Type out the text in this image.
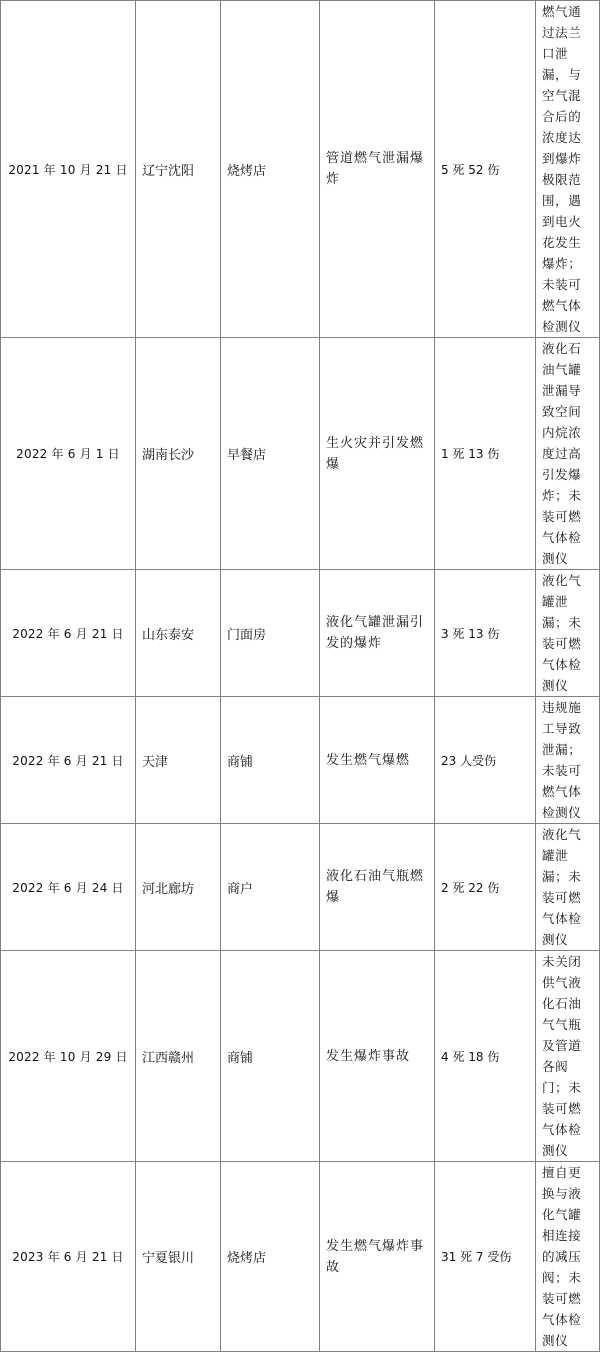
2021 年 10 月 21 日	辽宁沈阳	烧烤店	管道燃气泄漏爆炸	5 死 52 伤	燃气通过法兰口泄漏，与空气混合后的浓度达到爆炸极限范围，遇到电火花发生爆炸；未装可燃气体检测仪
2022 年 6 月 1 日	湖南长沙	早餐店	生火灾并引发燃爆	1 死 13 伤	液化石油气罐泄漏导致空间内烷浓度过高引发爆炸；未装可燃气体检测仪
2022 年 6 月 21 日	山东泰安	门面房	液化气罐泄漏引发的爆炸	3 死 13 伤	液化气罐泄漏；未装可燃气体检测仪
2022 年 6 月 21 日	天津	商铺	发生燃气爆燃	23 人受伤	违规施工导致泄漏；未装可燃气体检测仪
2022 年 6 月 24 日	河北廊坊	商户	液化石油气瓶燃爆	2 死 22 伤	液化气罐泄漏；未装可燃气体检测仪
2022 年 10 月 29 日	江西赣州	商铺	发生爆炸事故	4 死 18 伤	未关闭供气液化石油气气瓶及管道各阀门；未装可燃气体检测仪
2023 年 6 月 21 日	宁夏银川	烧烤店	发生燃气爆炸事故	31 死 7 受伤	擅自更换与液化气罐相连接的减压阀；未装可燃气体检测仪
